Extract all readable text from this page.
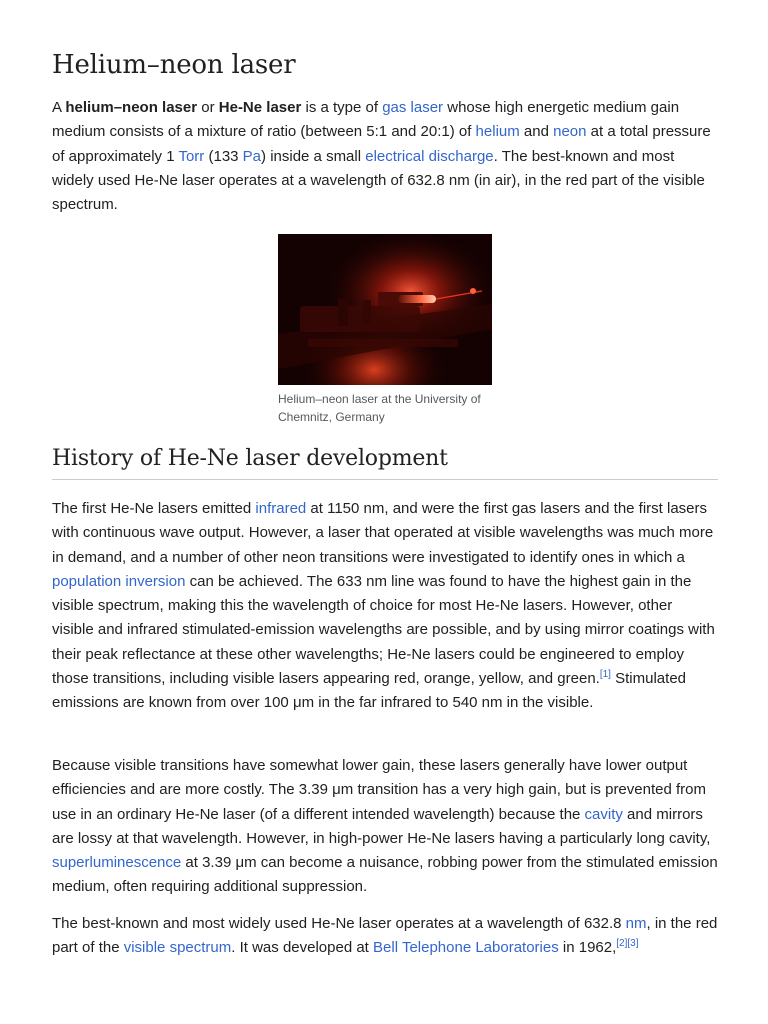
Helium–neon laser

A helium–neon laser or He-Ne laser is a type of gas laser whose high energetic medium gain medium consists of a mixture of ratio (between 5:1 and 20:1) of helium and neon at a total pressure of approximately 1 Torr (133 Pa) inside a small electrical discharge. The best-known and most widely used He-Ne laser operates at a wavelength of 632.8 nm (in air), in the red part of the visible spectrum.

Helium–neon laser at the University of Chemnitz, Germany
History of He-Ne laser development

The first He-Ne lasers emitted infrared at 1150 nm, and were the first gas lasers and the first lasers with continuous wave output. However, a laser that operated at visible wavelengths was much more in demand, and a number of other neon transitions were investigated to identify ones in which a population inversion can be achieved. The 633 nm line was found to have the highest gain in the visible spectrum, making this the wavelength of choice for most He-Ne lasers. However, other visible and infrared stimulated-emission wavelengths are possible, and by using mirror coatings with their peak reflectance at these other wavelengths; He-Ne lasers could be engineered to employ those transitions, including visible lasers appearing red, orange, yellow, and green.[1] Stimulated emissions are known from over 100 μm in the far infrared to 540 nm in the visible.

Because visible transitions have somewhat lower gain, these lasers generally have lower output efficiencies and are more costly. The 3.39 μm transition has a very high gain, but is prevented from use in an ordinary He-Ne laser (of a different intended wavelength) because the cavity and mirrors are lossy at that wavelength. However, in high-power He-Ne lasers having a particularly long cavity, superluminescence at 3.39 μm can become a nuisance, robbing power from the stimulated emission medium, often requiring additional suppression.

The best-known and most widely used He-Ne laser operates at a wavelength of 632.8 nm, in the red part of the visible spectrum. It was developed at Bell Telephone Laboratories in 1962,[2][3]
